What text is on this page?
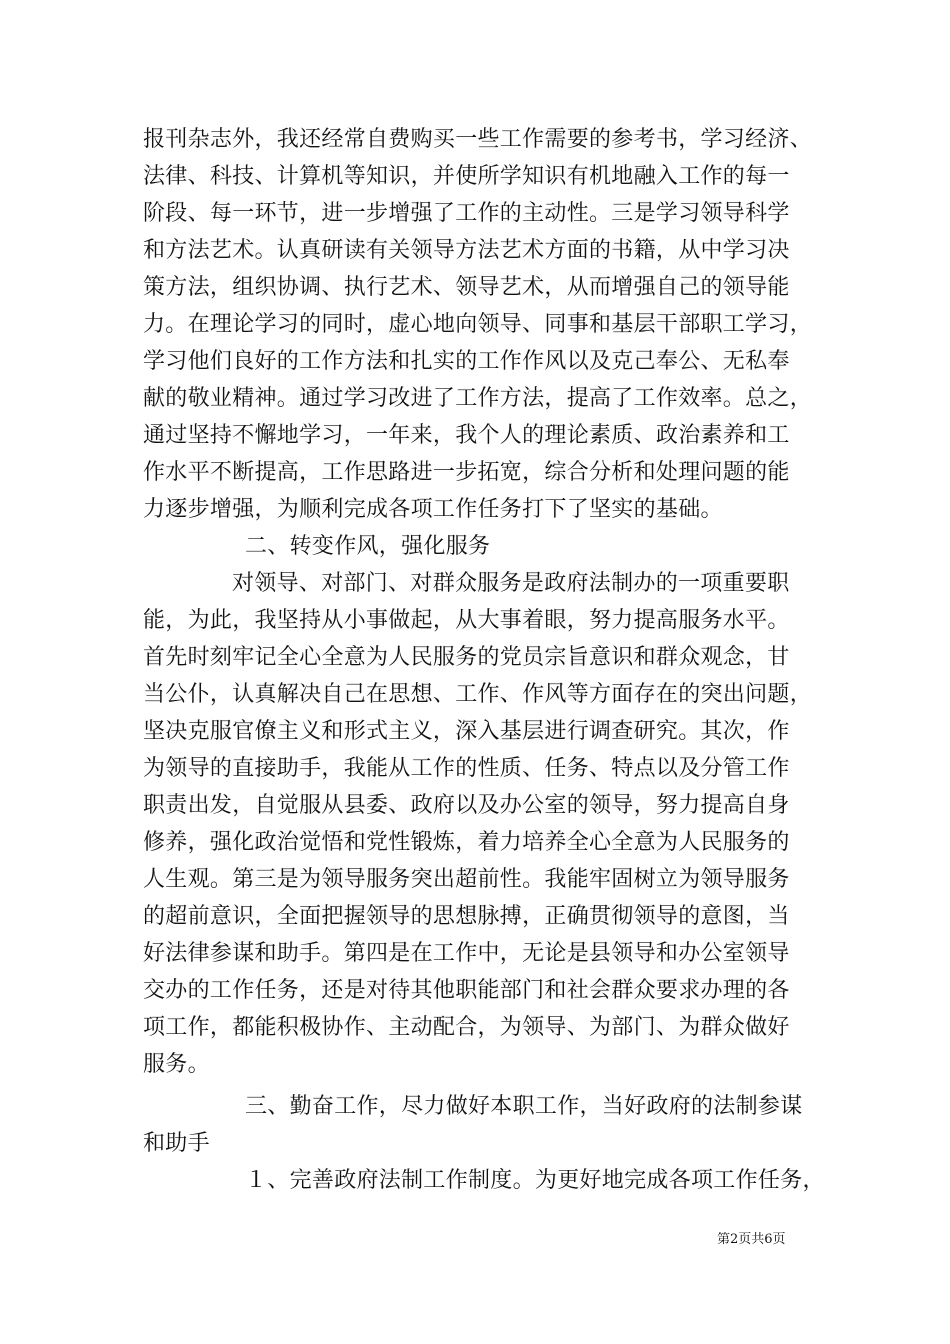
报刊杂志外，我还经常自费购买一些工作需要的参考书，学习经济、
法律、科技、计算机等知识，并使所学知识有机地融入工作的每一
阶段、每一环节，进一步增强了工作的主动性。三是学习领导科学
和方法艺术。认真研读有关领导方法艺术方面的书籍，从中学习决
策方法，组织协调、执行艺术、领导艺术，从而增强自己的领导能
力。在理论学习的同时，虚心地向领导、同事和基层干部职工学习，
学习他们良好的工作方法和扎实的工作作风以及克己奉公、无私奉
献的敬业精神。通过学习改进了工作方法，提高了工作效率。总之，
通过坚持不懈地学习，一年来，我个人的理论素质、政治素养和工
作水平不断提高，工作思路进一步拓宽，综合分析和处理问题的能
力逐步增强，为顺利完成各项工作任务打下了坚实的基础。
二、转变作风，强化服务
对领导、对部门、对群众服务是政府法制办的一项重要职
能，为此，我坚持从小事做起，从大事着眼，努力提高服务水平。
首先时刻牢记全心全意为人民服务的党员宗旨意识和群众观念，甘
当公仆，认真解决自己在思想、工作、作风等方面存在的突出问题，
坚决克服官僚主义和形式主义，深入基层进行调查研究。其次，作
为领导的直接助手，我能从工作的性质、任务、特点以及分管工作
职责出发，自觉服从县委、政府以及办公室的领导，努力提高自身
修养，强化政治觉悟和党性锻炼，着力培养全心全意为人民服务的
人生观。第三是为领导服务突出超前性。我能牢固树立为领导服务
的超前意识，全面把握领导的思想脉搏，正确贯彻领导的意图，当
好法律参谋和助手。第四是在工作中，无论是县领导和办公室领导
交办的工作任务，还是对待其他职能部门和社会群众要求办理的各
项工作，都能积极协作、主动配合，为领导、为部门、为群众做好
服务。
三、勤奋工作，尽力做好本职工作，当好政府的法制参谋
和助手
１、完善政府法制工作制度。为更好地完成各项工作任务，
第2页共6页
